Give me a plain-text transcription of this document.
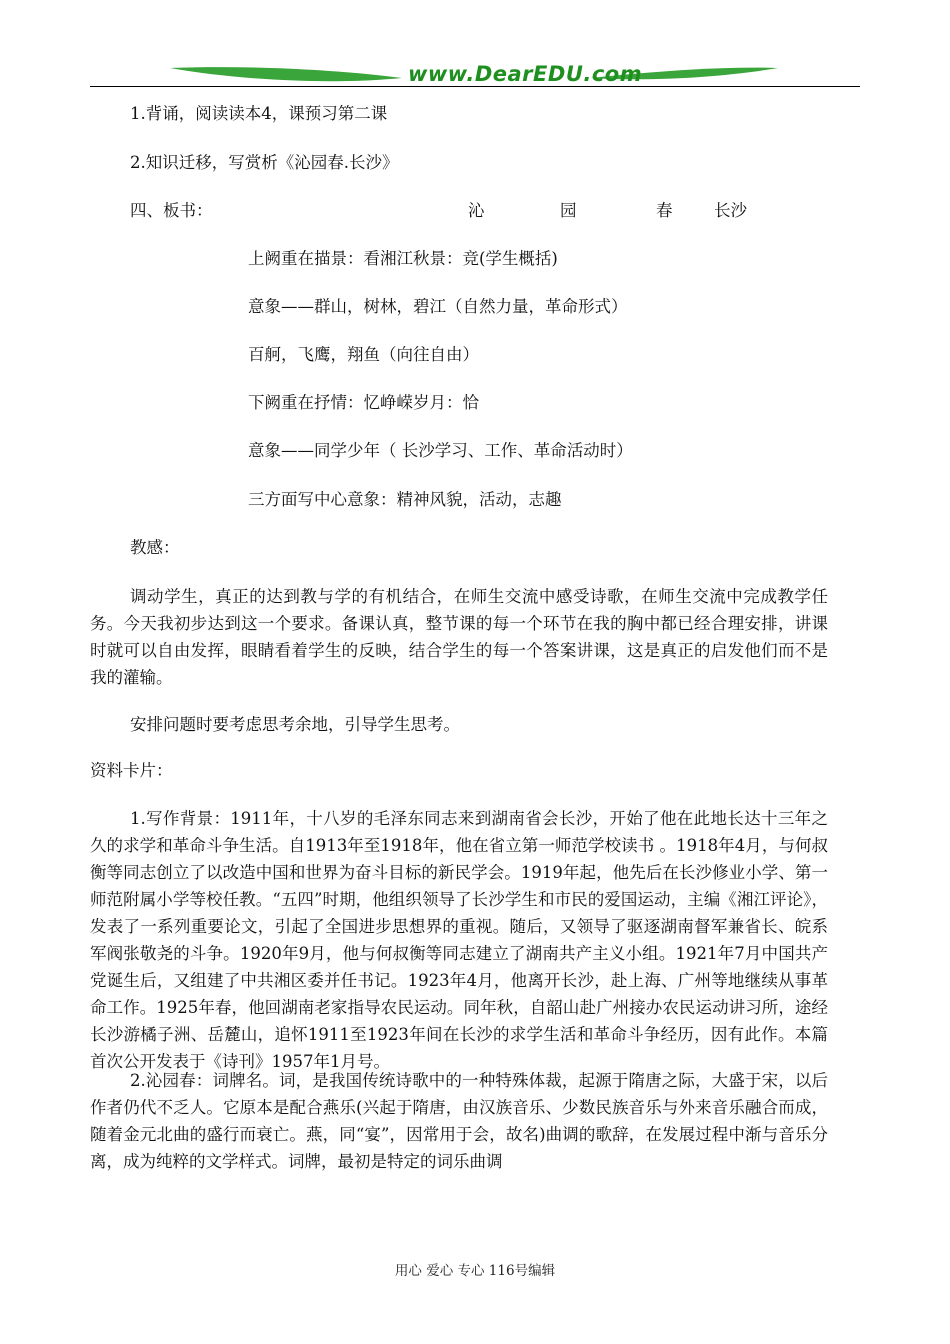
www.DearEDU.com
1.背诵，阅读读本4，课预习第二课
2.知识迁移，写赏析《沁园春.长沙》
四、板书：	沁	园	春	长沙
上阙重在描景：看湘江秋景：竞(学生概括)
意象——群山，树林，碧江（自然力量，革命形式）
百舸，飞鹰，翔鱼（向往自由）
下阙重在抒情：忆峥嵘岁月：恰
意象——同学少年（ 长沙学习、工作、革命活动时）
三方面写中心意象：精神风貌，活动，志趣
教感：
调动学生，真正的达到教与学的有机结合，在师生交流中感受诗歌，在师生交流中完成教学任务。今天我初步达到这一个要求。备课认真，整节课的每一个环节在我的胸中都已经合理安排，讲课时就可以自由发挥，眼睛看着学生的反映，结合学生的每一个答案讲课，这是真正的启发他们而不是我的灌输。
安排问题时要考虑思考余地，引导学生思考。
资料卡片：
1.写作背景：1911年，十八岁的毛泽东同志来到湖南省会长沙，开始了他在此地长达十三年之久的求学和革命斗争生活。自1913年至1918年，他在省立第一师范学校读书 。1918年4月，与何叔衡等同志创立了以改造中国和世界为奋斗目标的新民学会。1919年起，他先后在长沙修业小学、第一师范附属小学等校任教。“五四”时期，他组织领导了长沙学生和市民的爱国运动，主编《湘江评论》，发表了一系列重要论文，引起了全国进步思想界的重视。随后，又领导了驱逐湖南督军兼省长、皖系军阀张敬尧的斗争。1920年9月，他与何叔衡等同志建立了湖南共产主义小组。1921年7月中国共产党诞生后，又组建了中共湘区委并任书记。1923年4月，他离开长沙，赴上海、广州等地继续从事革命工作。1925年春，他回湖南老家指导农民运动。同年秋，自韶山赴广州接办农民运动讲习所，途经长沙游橘子洲、岳麓山，追怀1911至1923年间在长沙的求学生活和革命斗争经历，因有此作。本篇首次公开发表于《诗刊》1957年1月号。
2.沁园春：词牌名。词，是我国传统诗歌中的一种特殊体裁，起源于隋唐之际，大盛于宋，以后作者仍代不乏人。它原本是配合燕乐(兴起于隋唐，由汉族音乐、少数民族音乐与外来音乐融合而成，随着金元北曲的盛行而衰亡。燕，同“宴”，因常用于会，故名)曲调的歌辞，在发展过程中渐与音乐分离，成为纯粹的文学样式。词牌，最初是特定的词乐曲调
用心 爱心 专心 116号编辑
